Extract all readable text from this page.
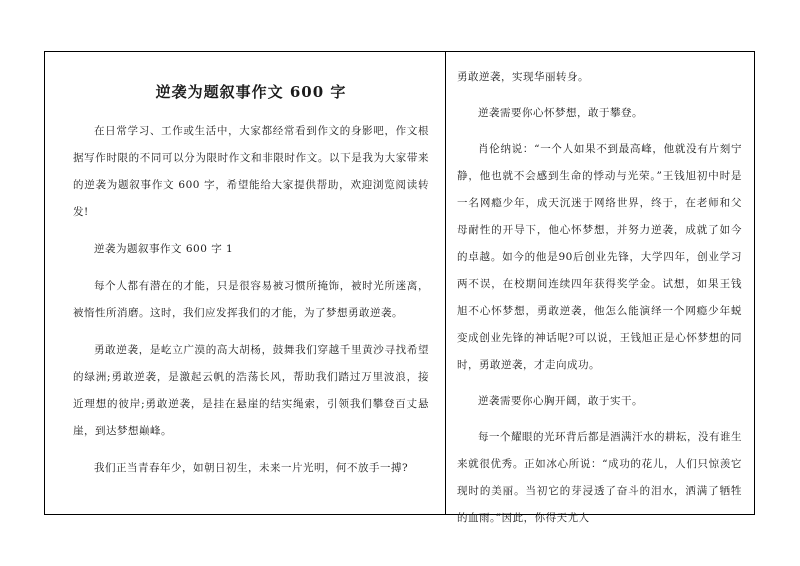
逆袭为题叙事作文 600 字

在日常学习、工作或生活中，大家都经常看到作文的身影吧，作文根据写作时限的不同可以分为限时作文和非限时作文。以下是我为大家带来的逆袭为题叙事作文 600 字，希望能给大家提供帮助，欢迎浏览阅读转发!

逆袭为题叙事作文 600 字 1

每个人都有潜在的才能，只是很容易被习惯所掩饰，被时光所迷离，被惰性所消磨。这时，我们应发挥我们的才能，为了梦想勇敢逆袭。

勇敢逆袭，是屹立广漠的高大胡杨，鼓舞我们穿越千里黄沙寻找希望的绿洲;勇敢逆袭，是激起云帆的浩荡长风，帮助我们踏过万里波浪，接近理想的彼岸;勇敢逆袭，是挂在悬崖的结实绳索，引领我们攀登百丈悬崖，到达梦想巅峰。

我们正当青春年少，如朝日初生，未来一片光明，何不放手一搏?

勇敢逆袭，实现华丽转身。

逆袭需要你心怀梦想，敢于攀登。

肖伦纳说：“一个人如果不到最高峰，他就没有片刻宁静，他也就不会感到生命的悸动与光荣。”王钱旭初中时是一名网瘾少年，成天沉迷于网络世界，终于，在老师和父母耐性的开导下，他心怀梦想，并努力逆袭，成就了如今的卓越。如今的他是90后创业先锋，大学四年，创业学习两不误，在校期间连续四年获得奖学金。试想，如果王钱旭不心怀梦想，勇敢逆袭，他怎么能演绎一个网瘾少年蜕变成创业先锋的神话呢?可以说，王钱旭正是心怀梦想的同时，勇敢逆袭，才走向成功。

逆袭需要你心胸开阔，敢于实干。

每一个耀眼的光环背后都是酒满汗水的耕耘，没有谁生来就很优秀。正如冰心所说：“成功的花儿，人们只惊羡它现时的美丽。当初它的芽浸透了奋斗的泪水，洒满了牺牲的血雨。”因此，你得天尤人
